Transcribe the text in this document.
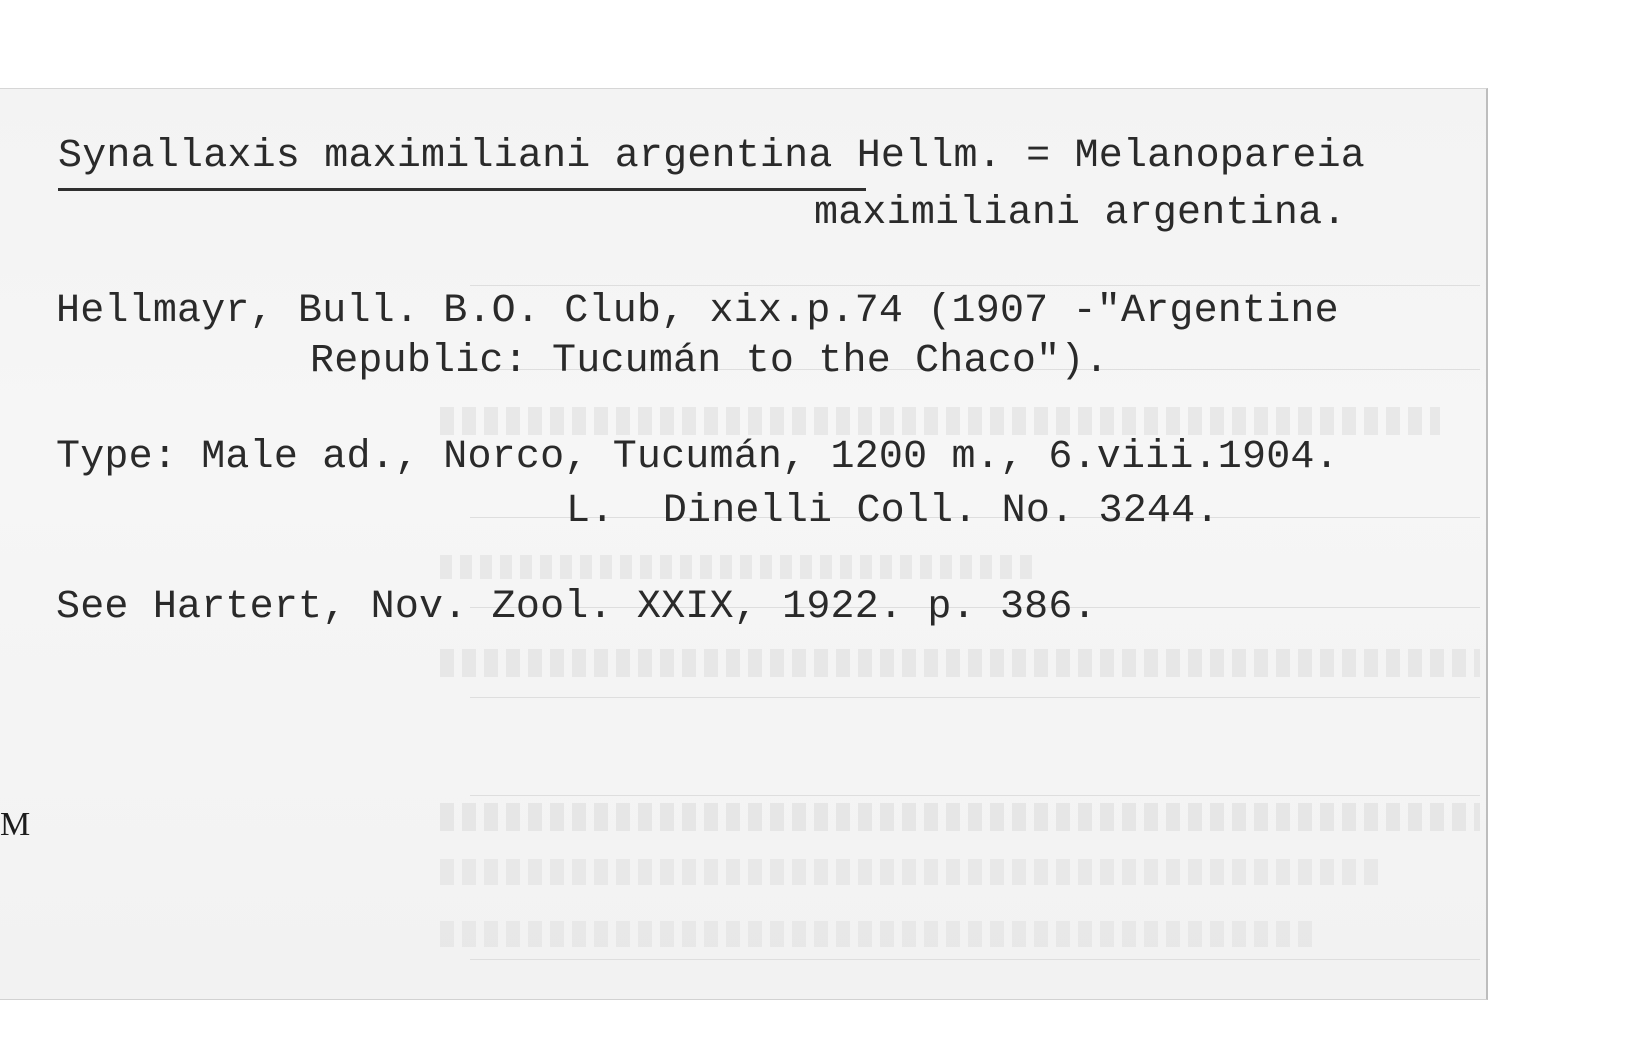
Synallaxis maximiliani argentina Hellm. = Melanopareia
maximiliani argentina.
Hellmayr, Bull. B.O. Club, xix.p.74 (1907 -"Argentine
Republic: Tucumán to the Chaco").
Type: Male ad., Norco, Tucumán, 1200 m., 6.viii.1904.
L.  Dinelli Coll. No. 3244.
See Hartert, Nov. Zool. XXIX, 1922. p. 386.
M
